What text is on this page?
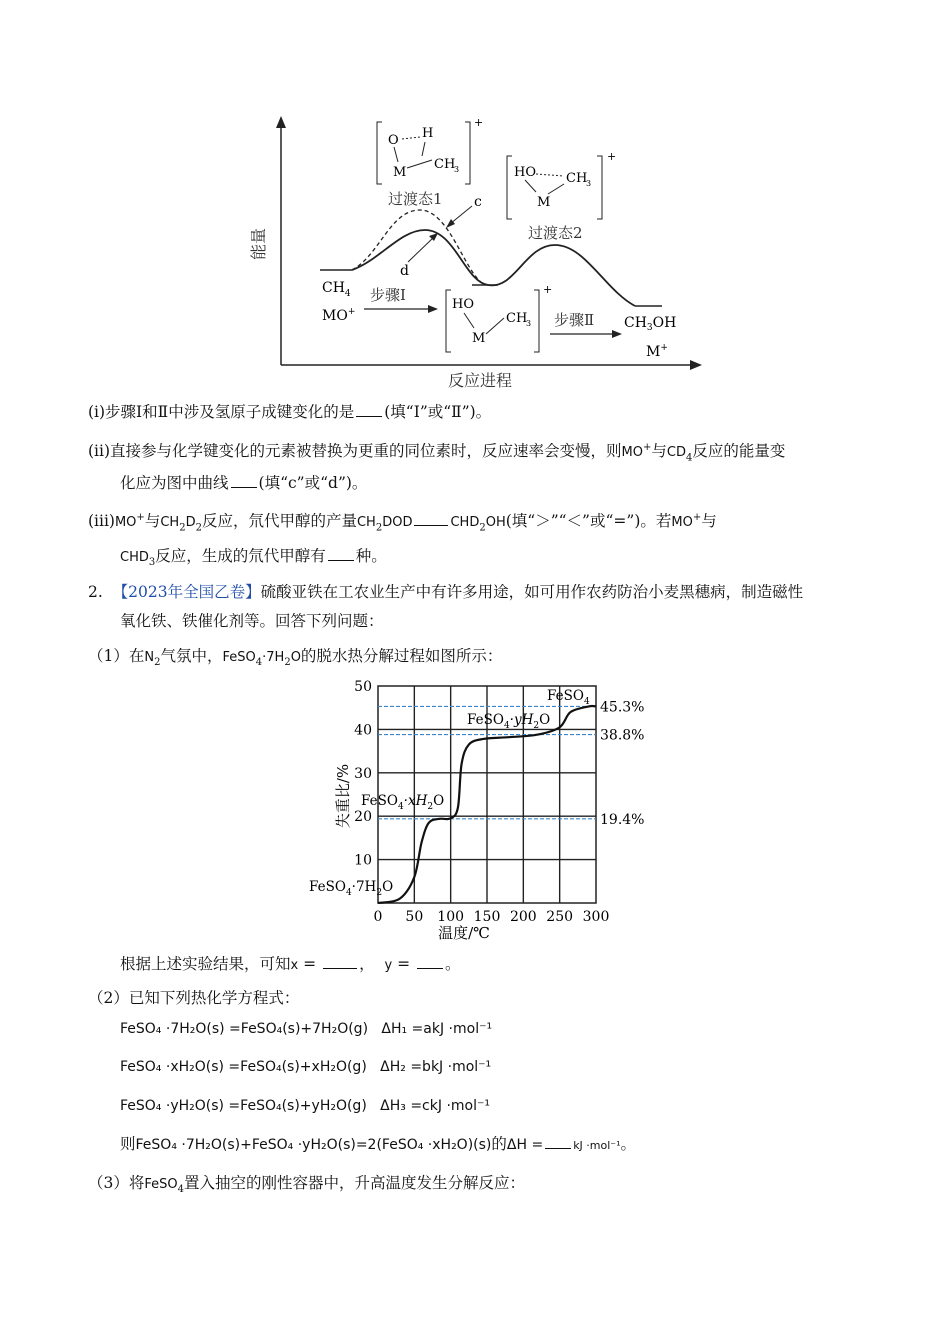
能量
反应进程
c
d
O H
M
CH
3
+
过渡态1
HO CH
3
M
+
过渡态2
$CH_4$
MO+
步骤Ⅰ
HO
M
CH
3
+
步骤Ⅱ $CH_3OH$
M+
(i)步骤Ⅰ和Ⅱ中涉及氢原子成键变化的是 (填“Ⅰ”或“Ⅱ”)。
(ii)直接参与化学键变化的元素被替换为更重的同位素时，反应速率会变慢，则MO+与$CD_4$反应的能量变
化应为图中曲线 (填“c”或“d”)。
(iii)MO+与$CH_2D_2$反应，氘代甲醇的产量$CH_2DOD$	$CHD_2OH$(填“＞”“＜”或“=”)。若MO+与
$CHD_3$反应，生成的氘代甲醇有 种。
2. 【2023年全国乙卷】硫酸亚铁在工农业生产中有许多用途，如可用作农药防治小麦黑穗病，制造磁性
氧化铁、铁催化剂等。回答下列问题：
（1）在$N_2$气氛中，$FeSO_4\cdot 7H_2O$的脱水热分解过程如图所示：
0 50 100 150 200 250 300
10
20
30
40
50
45.3%
38.8%
19.4%
温度/℃
失重比/%
FeSO$_4$
$FeSO_4\cdot yH_2O$
$FeSO_4\cdot xH_2O$
$FeSO_4\cdot 7H_2O$
根据上述实验结果，可知x = ， y = 。
（2）已知下列热化学方程式：
FeSO₄ ·7H₂O(s) =FeSO₄(s)+7H₂O(g) ΔH₁ =akJ ·mol⁻¹
FeSO₄ ·xH₂O(s) =FeSO₄(s)+xH₂O(g) ΔH₂ =bkJ ·mol⁻¹
FeSO₄ ·yH₂O(s) =FeSO₄(s)+yH₂O(g) ΔH₃ =ckJ ·mol⁻¹
则FeSO₄ ·7H₂O(s)+FeSO₄ ·yH₂O(s)=2(FeSO₄ ·xH₂O)(s)的ΔH =	kJ ·mol⁻¹。
（3）将FeSO$_4$置入抽空的刚性容器中，升高温度发生分解反应：
